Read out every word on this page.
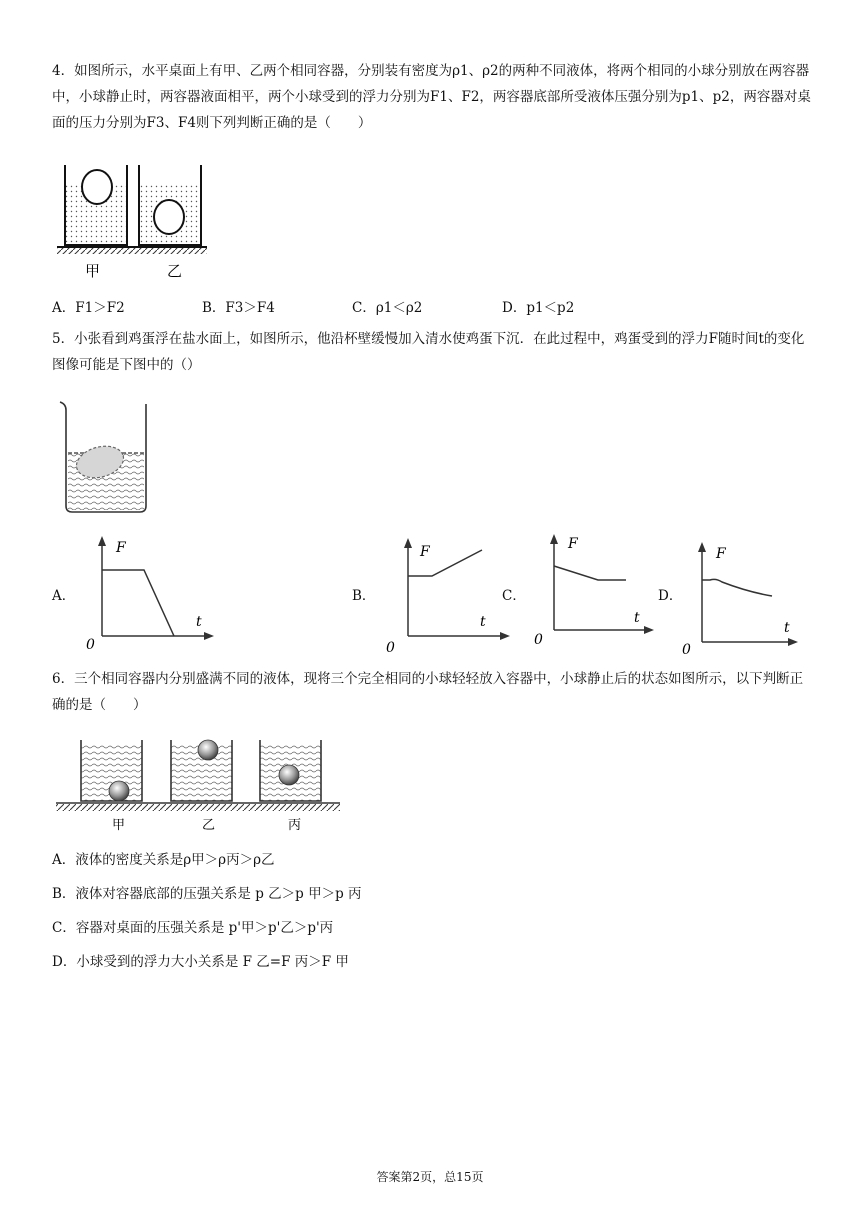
4．如图所示，水平桌面上有甲、乙两个相同容器，分别装有密度为ρ1、ρ2的两种不同液体，将两个相同的小球分别放在两容器中，小球静止时，两容器液面相平，两个小球受到的浮力分别为F1、F2，两容器底部所受液体压强分别为p1、p2，两容器对桌面的压力分别为F3、F4则下列判断正确的是（　　）

甲	乙
A．F1＞F2	B．F3＞F4	C．ρ1＜ρ2	D．p1＜p2

5．小张看到鸡蛋浮在盐水面上，如图所示，他沿杯壁缓慢加入清水使鸡蛋下沉．在此过程中，鸡蛋受到的浮力F随时间t的变化图像可能是下图中的（）

A．
F
t
0
B．
F
t
0
C．
F
t
0
D．
F
t
0

6．三个相同容器内分别盛满不同的液体，现将三个完全相同的小球轻轻放入容器中，小球静止后的状态如图所示，以下判断正确的是（　　）

甲	乙	丙
A．液体的密度关系是ρ甲＞ρ丙＞ρ乙
B．液体对容器底部的压强关系是 p 乙＞p 甲＞p 丙
C．容器对桌面的压强关系是 p'甲＞p'乙＞p'丙
D．小球受到的浮力大小关系是 F 乙=F 丙＞F 甲
答案第2页，总15页
